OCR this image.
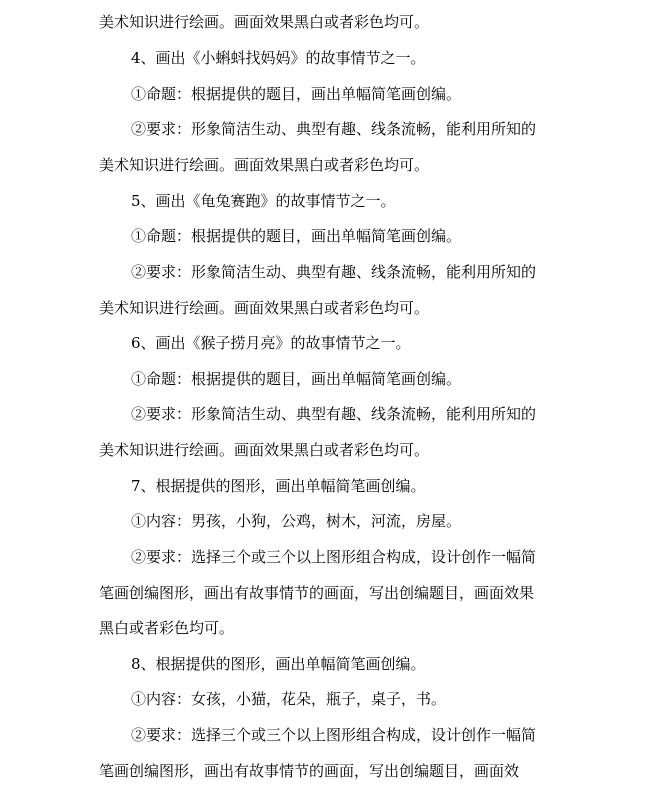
美术知识进行绘画。画面效果黑白或者彩色均可。
4、画出《小蝌蚪找妈妈》的故事情节之一。
①命题：根据提供的题目，画出单幅简笔画创编。
②要求：形象简洁生动、典型有趣、线条流畅，能利用所知的
美术知识进行绘画。画面效果黑白或者彩色均可。
5、画出《龟兔赛跑》的故事情节之一。
①命题：根据提供的题目，画出单幅简笔画创编。
②要求：形象简洁生动、典型有趣、线条流畅，能利用所知的
美术知识进行绘画。画面效果黑白或者彩色均可。
6、画出《猴子捞月亮》的故事情节之一。
①命题：根据提供的题目，画出单幅简笔画创编。
②要求：形象简洁生动、典型有趣、线条流畅，能利用所知的
美术知识进行绘画。画面效果黑白或者彩色均可。
7、根据提供的图形，画出单幅简笔画创编。
①内容：男孩，小狗，公鸡，树木，河流，房屋。
②要求：选择三个或三个以上图形组合构成，设计创作一幅简
笔画创编图形，画出有故事情节的画面，写出创编题目，画面效果
黑白或者彩色均可。
8、根据提供的图形，画出单幅简笔画创编。
①内容：女孩，小猫，花朵，瓶子，桌子，书。
②要求：选择三个或三个以上图形组合构成，设计创作一幅简
笔画创编图形，画出有故事情节的画面，写出创编题目，画面效
